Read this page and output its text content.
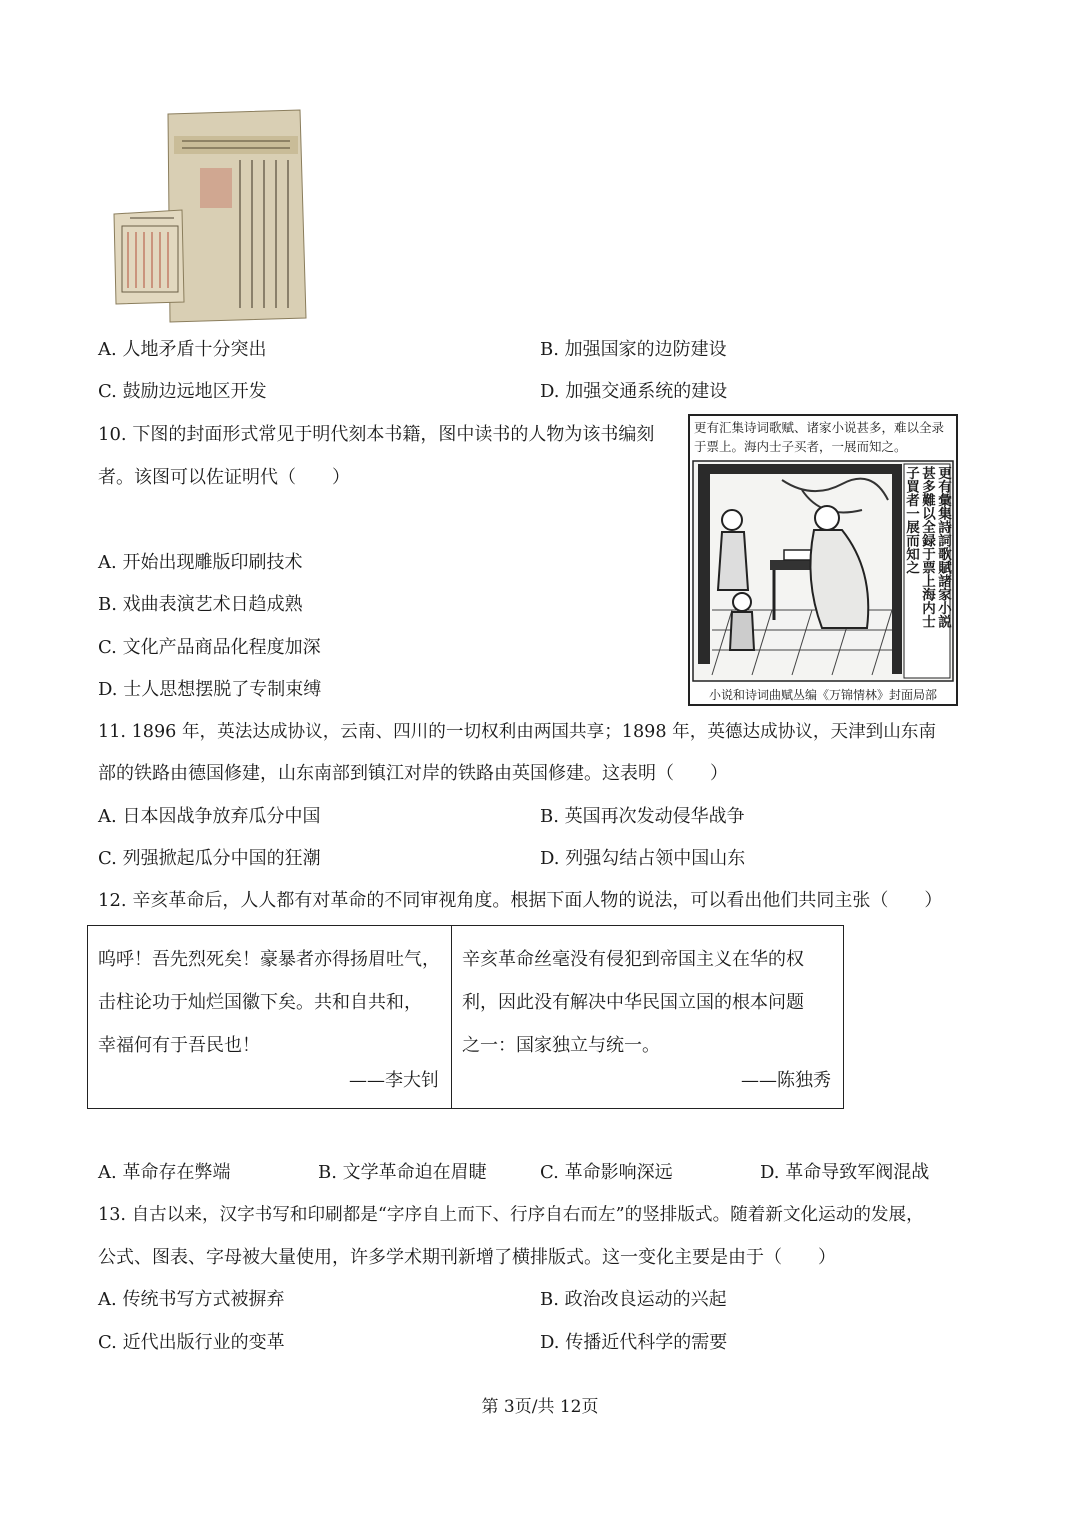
A. 人地矛盾十分突出	B. 加强国家的边防建设
C. 鼓励边远地区开发	D. 加强交通系统的建设
10. 下图的封面形式常见于明代刻本书籍，图中读书的人物为该书编刻
者。该图可以佐证明代（　　）
A. 开始出现雕版印刷技术
B. 戏曲表演艺术日趋成熟
C. 文化产品商品化程度加深
D. 士人思想摆脱了专制束缚
更有汇集诗词歌赋、诸家小说甚多，难以全录于票上。海内士子买者，一展而知之。
更有彙集詩詞歌賦諸家小説
甚多難以全録于票上海内士
子買者一展而知之
小说和诗词曲赋丛编《万锦情林》封面局部
11. 1896 年，英法达成协议，云南、四川的一切权利由两国共享；1898 年，英德达成协议，天津到山东南
部的铁路由德国修建，山东南部到镇江对岸的铁路由英国修建。这表明（　　）
A. 日本因战争放弃瓜分中国	B. 英国再次发动侵华战争
C. 列强掀起瓜分中国的狂潮	D. 列强勾结占领中国山东
12. 辛亥革命后，人人都有对革命的不同审视角度。根据下面人物的说法，可以看出他们共同主张（　　）
呜呼！吾先烈死矣！豪暴者亦得扬眉吐气，
击柱论功于灿烂国徽下矣。共和自共和，
幸福何有于吾民也！
——李大钊
辛亥革命丝毫没有侵犯到帝国主义在华的权
利，因此没有解决中华民国立国的根本问题
之一：国家独立与统一。
——陈独秀
A. 革命存在弊端	B. 文学革命迫在眉睫	C. 革命影响深远	D. 革命导致军阀混战
13. 自古以来，汉字书写和印刷都是“字序自上而下、行序自右而左”的竖排版式。随着新文化运动的发展，
公式、图表、字母被大量使用，许多学术期刊新增了横排版式。这一变化主要是由于（　　）
A. 传统书写方式被摒弃	B. 政治改良运动的兴起
C. 近代出版行业的变革	D. 传播近代科学的需要
第 3页/共 12页
